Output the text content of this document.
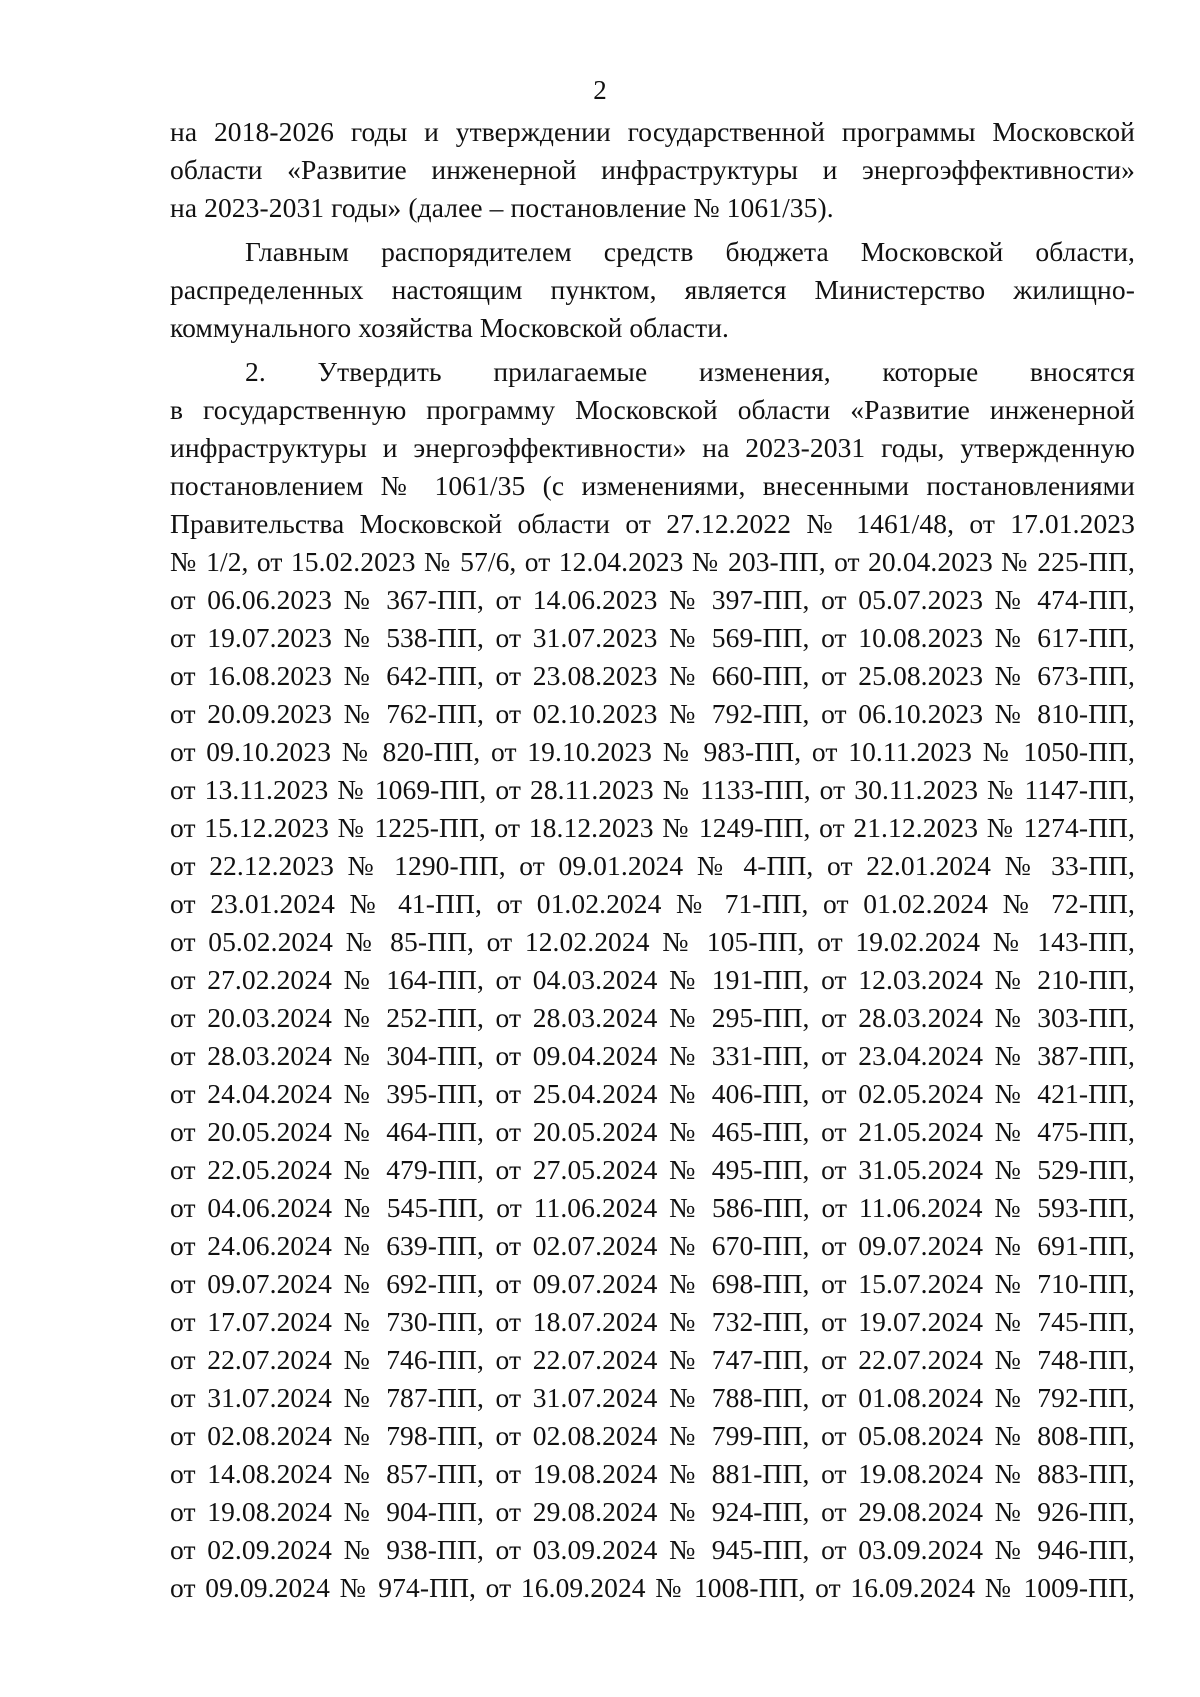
2
на 2018-2026 годы и утверждении государственной программы Московской
области «Развитие инженерной инфраструктуры и энергоэффективности»
на 2023-2031 годы» (далее – постановление № 1061/35).
Главным распорядителем средств бюджета Московской области,
распределенных настоящим пунктом, является Министерство жилищно-
коммунального хозяйства Московской области.
2. Утвердить прилагаемые изменения, которые вносятся
в государственную программу Московской области «Развитие инженерной
инфраструктуры и энергоэффективности» на 2023-2031 годы, утвержденную
постановлением № 1061/35 (с изменениями, внесенными постановлениями
Правительства Московской области от 27.12.2022 № 1461/48, от 17.01.2023
№ 1/2, от 15.02.2023 № 57/6, от 12.04.2023 № 203-ПП, от 20.04.2023 № 225-ПП,
от 06.06.2023 № 367-ПП, от 14.06.2023 № 397-ПП, от 05.07.2023 № 474-ПП,
от 19.07.2023 № 538-ПП, от 31.07.2023 № 569-ПП, от 10.08.2023 № 617-ПП,
от 16.08.2023 № 642-ПП, от 23.08.2023 № 660-ПП, от 25.08.2023 № 673-ПП,
от 20.09.2023 № 762-ПП, от 02.10.2023 № 792-ПП, от 06.10.2023 № 810-ПП,
от 09.10.2023 № 820-ПП, от 19.10.2023 № 983-ПП, от 10.11.2023 № 1050-ПП,
от 13.11.2023 № 1069-ПП, от 28.11.2023 № 1133-ПП, от 30.11.2023 № 1147-ПП,
от 15.12.2023 № 1225-ПП, от 18.12.2023 № 1249-ПП, от 21.12.2023 № 1274-ПП,
от 22.12.2023 № 1290-ПП, от 09.01.2024 № 4-ПП, от 22.01.2024 № 33-ПП,
от 23.01.2024 № 41-ПП, от 01.02.2024 № 71-ПП, от 01.02.2024 № 72-ПП,
от 05.02.2024 № 85-ПП, от 12.02.2024 № 105-ПП, от 19.02.2024 № 143-ПП,
от 27.02.2024 № 164-ПП, от 04.03.2024 № 191-ПП, от 12.03.2024 № 210-ПП,
от 20.03.2024 № 252-ПП, от 28.03.2024 № 295-ПП, от 28.03.2024 № 303-ПП,
от 28.03.2024 № 304-ПП, от 09.04.2024 № 331-ПП, от 23.04.2024 № 387-ПП,
от 24.04.2024 № 395-ПП, от 25.04.2024 № 406-ПП, от 02.05.2024 № 421-ПП,
от 20.05.2024 № 464-ПП, от 20.05.2024 № 465-ПП, от 21.05.2024 № 475-ПП,
от 22.05.2024 № 479-ПП, от 27.05.2024 № 495-ПП, от 31.05.2024 № 529-ПП,
от 04.06.2024 № 545-ПП, от 11.06.2024 № 586-ПП, от 11.06.2024 № 593-ПП,
от 24.06.2024 № 639-ПП, от 02.07.2024 № 670-ПП, от 09.07.2024 № 691-ПП,
от 09.07.2024 № 692-ПП, от 09.07.2024 № 698-ПП, от 15.07.2024 № 710-ПП,
от 17.07.2024 № 730-ПП, от 18.07.2024 № 732-ПП, от 19.07.2024 № 745-ПП,
от 22.07.2024 № 746-ПП, от 22.07.2024 № 747-ПП, от 22.07.2024 № 748-ПП,
от 31.07.2024 № 787-ПП, от 31.07.2024 № 788-ПП, от 01.08.2024 № 792-ПП,
от 02.08.2024 № 798-ПП, от 02.08.2024 № 799-ПП, от 05.08.2024 № 808-ПП,
от 14.08.2024 № 857-ПП, от 19.08.2024 № 881-ПП, от 19.08.2024 № 883-ПП,
от 19.08.2024 № 904-ПП, от 29.08.2024 № 924-ПП, от 29.08.2024 № 926-ПП,
от 02.09.2024 № 938-ПП, от 03.09.2024 № 945-ПП, от 03.09.2024 № 946-ПП,
от 09.09.2024 № 974-ПП, от 16.09.2024 № 1008-ПП, от 16.09.2024 № 1009-ПП,
